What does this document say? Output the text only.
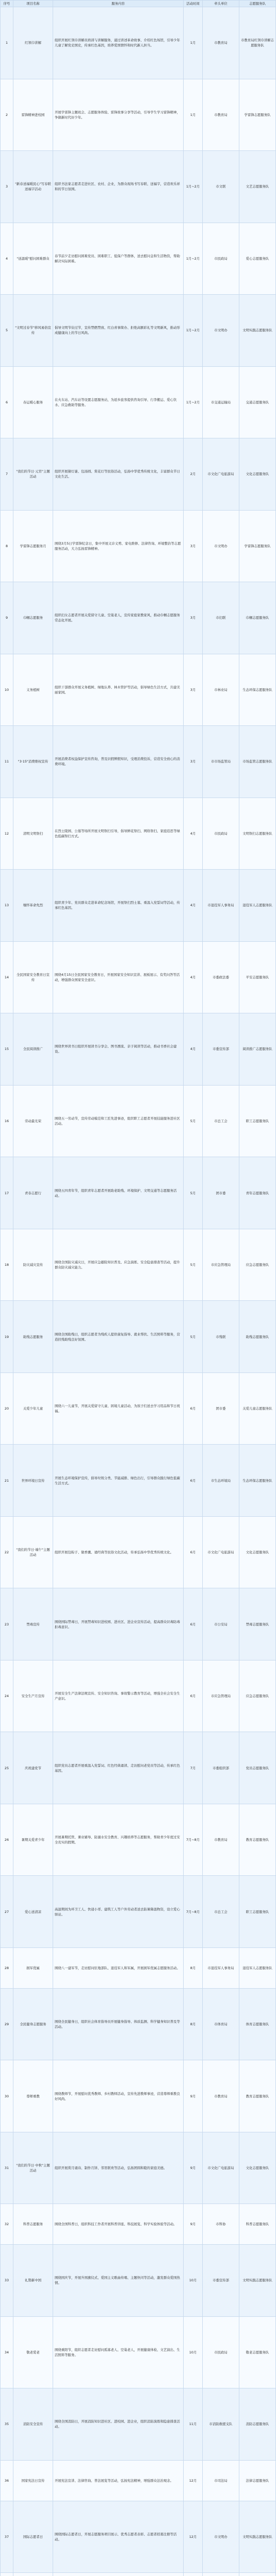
序号	项目名称	服务内容	活动时间	牵头单位	志愿服务队
1	红领巾讲解	组织开展红领巾讲解员培训与讲解服务，通过讲述革命故事、介绍红色场馆，引导少年儿童了解党史国史，传承红色基因，培养爱国情怀和时代新人担当。	1月	市教育局	市教育局红领巾讲解志愿服务队
2	雷锋精神进校园	开展学雷锋主题班会、志愿服务体验、雷锋故事分享等活动，引导学生学习雷锋精神，争做新时代好少年。	1月	市教育局	学雷锋志愿服务队
3	"新春送福暖民心"写春联送福字活动	组织书法家志愿者走进社区、农村、企业，为群众现场书写春联、送福字，营造欢乐祥和的节日氛围。	1月~2月	市文联	文艺志愿服务队
4	"送温暖"慰问困难群众	春节前夕走访慰问困难党员、困难职工、低保户等群体，送去慰问金和生活物资，帮助解决实际困难。	1月~2月	市民政局	爱心志愿服务队
5	"文明过春节"移风易俗宣传	倡导文明节俭过节，宣传禁燃禁放、红白喜事简办、拒绝高额彩礼等文明新风，推动形成健康向上的节日风尚。	1月~2月	市文明办	文明实践志愿服务队
6	春运暖心服务	在火车站、汽车站等设置志愿服务站，为返乡旅客提供咨询引导、行李搬运、爱心饮水、应急救助等服务。	1月~2月	市交通运输局	交通志愿服务队
7	"我们的节日·元宵"主题活动	组织开展猜灯谜、包汤圆、赏花灯等民俗活动，弘扬中华优秀传统文化，丰富群众节日文化生活。	2月	市文化广电旅游局	文化志愿服务队
8	学雷锋志愿服务月	围绕3月5日学雷锋纪念日，集中开展义诊义剪、家电维修、法律咨询、环境整治等志愿服务活动，大力弘扬雷锋精神。	3月	市文明办	学雷锋志愿服务队
9	巾帼志愿服务	组织妇女志愿者开展关爱留守儿童、空巢老人，宣传家庭家教家风，推动巾帼志愿服务常态化开展。	3月	市妇联	巾帼志愿服务队
10	义务植树	组织干部群众开展义务植树、绿地认养、林木管护等活动，倡导绿色生活方式，共建美丽家园。	3月	市林业局	生态环保志愿服务队
11	"3·15"消费维权宣传	开展消费者权益保护宣传咨询，普及识假辨假知识，受理消费投诉，营造安全放心的消费环境。	3月	市市场监管局	市场监管志愿服务队
12	清明文明祭扫	在烈士陵园、公墓等场所开展文明祭扫引导，倡导鲜花祭扫、网络祭扫、家庭追思等绿色低碳祭扫方式。	4月	市民政局	文明祭扫志愿服务队
13	缅怀革命先烈	组织青少年、党员群众走进革命纪念场馆，开展祭扫烈士墓、重温入党誓词等活动，传承红色基因。	4月	市退役军人事务局	退役军人志愿服务队
14	全民国家安全教育日宣传	围绕4月15日全民国家安全教育日，开展国家安全知识宣讲、展板展示、有奖问答等活动，增强群众国家安全意识。	4月	市委政法委	平安志愿服务队
15	全民阅读推广	围绕世界读书日组织开展读书分享会、图书漂流、亲子阅读等活动，推动书香社会建设。	4月	市委宣传部	阅读推广志愿服务队
16	劳动最光荣	围绕五一劳动节，宣传劳动模范和工匠先进事迹，组织职工志愿者开展技能服务进社区活动。	5月	市总工会	职工志愿服务队
17	青春志愿行	围绕五四青年节，组织青年志愿者开展助老助残、环境保护、文明交通等志愿服务活动。	5月	团市委	青年志愿服务队
18	防灾减灾宣传	围绕全国防灾减灾日，开展应急避险知识普及、应急演练、安全隐患排查等活动，提升群众防灾减灾能力。	5月	市应急管理局	应急志愿服务队
19	助残志愿服务	围绕全国助残日，组织志愿者为残疾人提供康复指导、就业帮扶、生活照料等服务，营造扶残助残良好氛围。	5月	市残联	助残志愿服务队
20	关爱少年儿童	围绕六一儿童节，开展关爱留守儿童、困境儿童活动，为孩子们送去学习用品和节日祝福。	6月	团市委	关爱儿童志愿服务队
21	世界环境日宣传	开展生态环境保护宣传，倡导垃圾分类、节能减排、绿色出行，引导群众践行绿色低碳生活方式。	6月	市生态环境局	生态环保志愿服务队
22	"我们的节日·端午"主题活动	组织开展包粽子、做香囊、诵经典等民俗文化活动，传承弘扬中华优秀传统文化。	6月	市文化广电旅游局	文化志愿服务队
23	禁毒宣传	围绕国际禁毒日，开展禁毒知识进校园、进社区、进企业宣传活动，提高群众识毒防毒拒毒意识。	6月	市公安局	禁毒志愿服务队
24	安全生产月宣传	开展安全生产法律法规宣传、安全知识咨询、事故警示教育等活动，增强全社会安全生产意识。	6月	市应急管理局	应急志愿服务队
25	庆祝建党节	组织党员志愿者开展重温入党誓词、红色经典诵读、走访慰问老党员等活动，传承红色基因。	7月	市委组织部	党员志愿服务队
26	暑期关爱青少年	开展暑期托管、课业辅导、防溺水安全教育、兴趣培养等志愿服务，帮助青少年度过安全充实的假期。	7月~8月	市教育局	教育志愿服务队
27	爱心送清凉	高温期间为环卫工人、快递小哥、建筑工人等户外劳动者送去防暑降温物资，设立爱心驿站。	7月~8月	市总工会	职工志愿服务队
28	拥军优属	围绕八一建军节，走访慰问驻地部队、退役军人和军属，开展拥军优属志愿服务活动。	8月	市退役军人事务局	退役军人志愿服务队
29	全民健身志愿服务	围绕全民健身日，组织社会体育指导员开展健身指导、体质监测、科学健身知识普及等活动。	8月	市体育局	体育志愿服务队
30	尊师重教	围绕教师节，开展慰问优秀教师、乡村教师活动，宣传先进教师事迹，营造尊师重教良好风尚。	9月	市教育局	教育志愿服务队
31	"我们的节日·中秋"主题活动	组织开展赏月诵诗、制作月饼、邻里联欢等活动，弘扬团圆和睦的家庭美德。	9月	市文化广电旅游局	文化志愿服务队
32	科普志愿服务	围绕全国科普日，组织科技工作者开展科普讲座、科技展览、科学实验体验等活动。	9月	市科协	科普志愿服务队
33	礼赞新中国	围绕国庆节，开展升国旗仪式、爱国主义歌曲传唱、主题快闪等活动，激发群众爱国热情。	10月	市委宣传部	文明实践志愿服务队
34	敬老爱老	围绕重阳节，组织志愿者走访慰问孤寡老人、空巢老人，开展健康体检、文艺演出、生活照料等服务。	10月	市民政局	敬老志愿服务队
35	消防安全宣传	围绕全国消防日，开展消防知识进社区、进校园、进企业，组织消防演练和隐患排查活动。	11月	市消防救援支队	消防志愿服务队
36	国家宪法日宣传	开展宪法宣讲、法律咨询、普法展览等活动，弘扬宪法精神，增强群众法治观念。	12月	市司法局	法律志愿服务队
37	国际志愿者日	围绕国际志愿者日，开展志愿服务项目展示、优秀志愿者表彰、志愿者招募注册等活动。	12月	市文明办	文明实践志愿服务队
